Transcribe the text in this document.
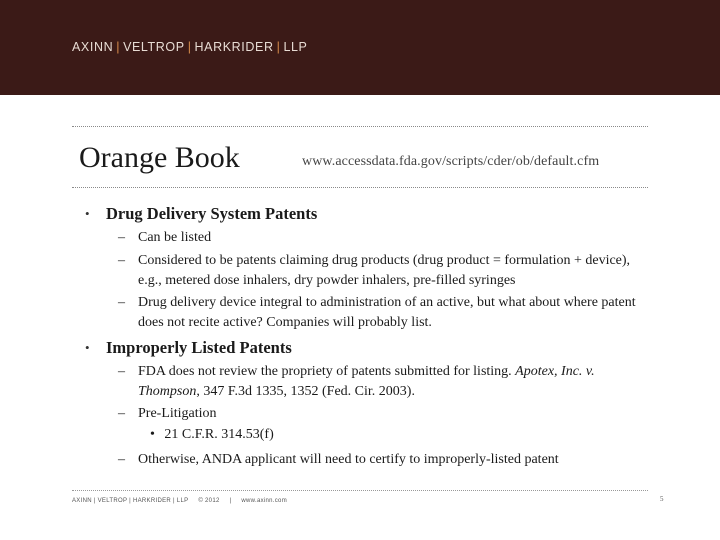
AXINN | VELTROP | HARKRIDER | LLP
Orange Book	www.accessdata.fda.gov/scripts/cder/ob/default.cfm
• Drug Delivery System Patents
– Can be listed
– Considered to be patents claiming drug products (drug product = formulation + device), e.g., metered dose inhalers, dry powder inhalers, pre-filled syringes
– Drug delivery device integral to administration of an active, but what about where patent does not recite active? Companies will probably list.
• Improperly Listed Patents
– FDA does not review the propriety of patents submitted for listing. Apotex, Inc. v. Thompson, 347 F.3d 1335, 1352 (Fed. Cir. 2003).
– Pre-Litigation
• 21 C.F.R. 314.53(f)
– Otherwise, ANDA applicant will need to certify to improperly-listed patent
AXINN | VELTROP | HARKRIDER | LLP © 2012 | www.axinn.com	5
